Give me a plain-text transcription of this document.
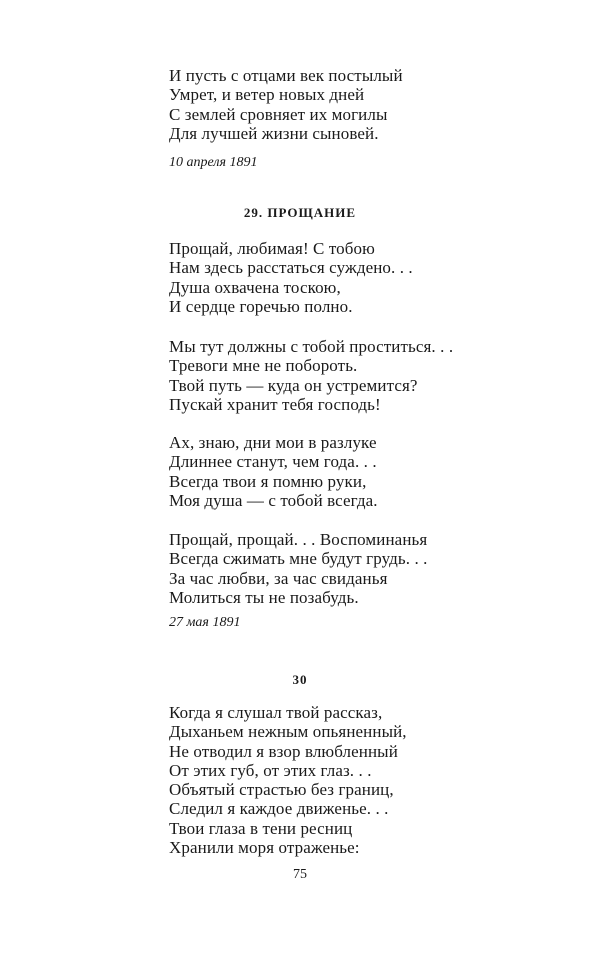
И пусть с отцами век постылый
Умрет, и ветер новых дней
С землей сровняет их могилы
Для лучшей жизни сыновей.
10 апреля 1891
29. ПРОЩАНИЕ
Прощай, любимая! С тобою
Нам здесь расстаться суждено. . .
Душа охвачена тоскою,
И сердце горечью полно.
Мы тут должны с тобой проститься. . .
Тревоги мне не побороть.
Твой путь — куда он устремится?
Пускай хранит тебя господь!
Ах, знаю, дни мои в разлуке
Длиннее станут, чем года. . .
Всегда твои я помню руки,
Моя душа — с тобой всегда.
Прощай, прощай. . . Воспоминанья
Всегда сжимать мне будут грудь. . .
За час любви, за час свиданья
Молиться ты не позабудь.
27 мая 1891
30
Когда я слушал твой рассказ,
Дыханьем нежным опьяненный,
Не отводил я взор влюбленный
От этих губ, от этих глаз. . .
Объятый страстью без границ,
Следил я каждое движенье. . .
Твои глаза в тени ресниц
Хранили моря отраженье:
75
